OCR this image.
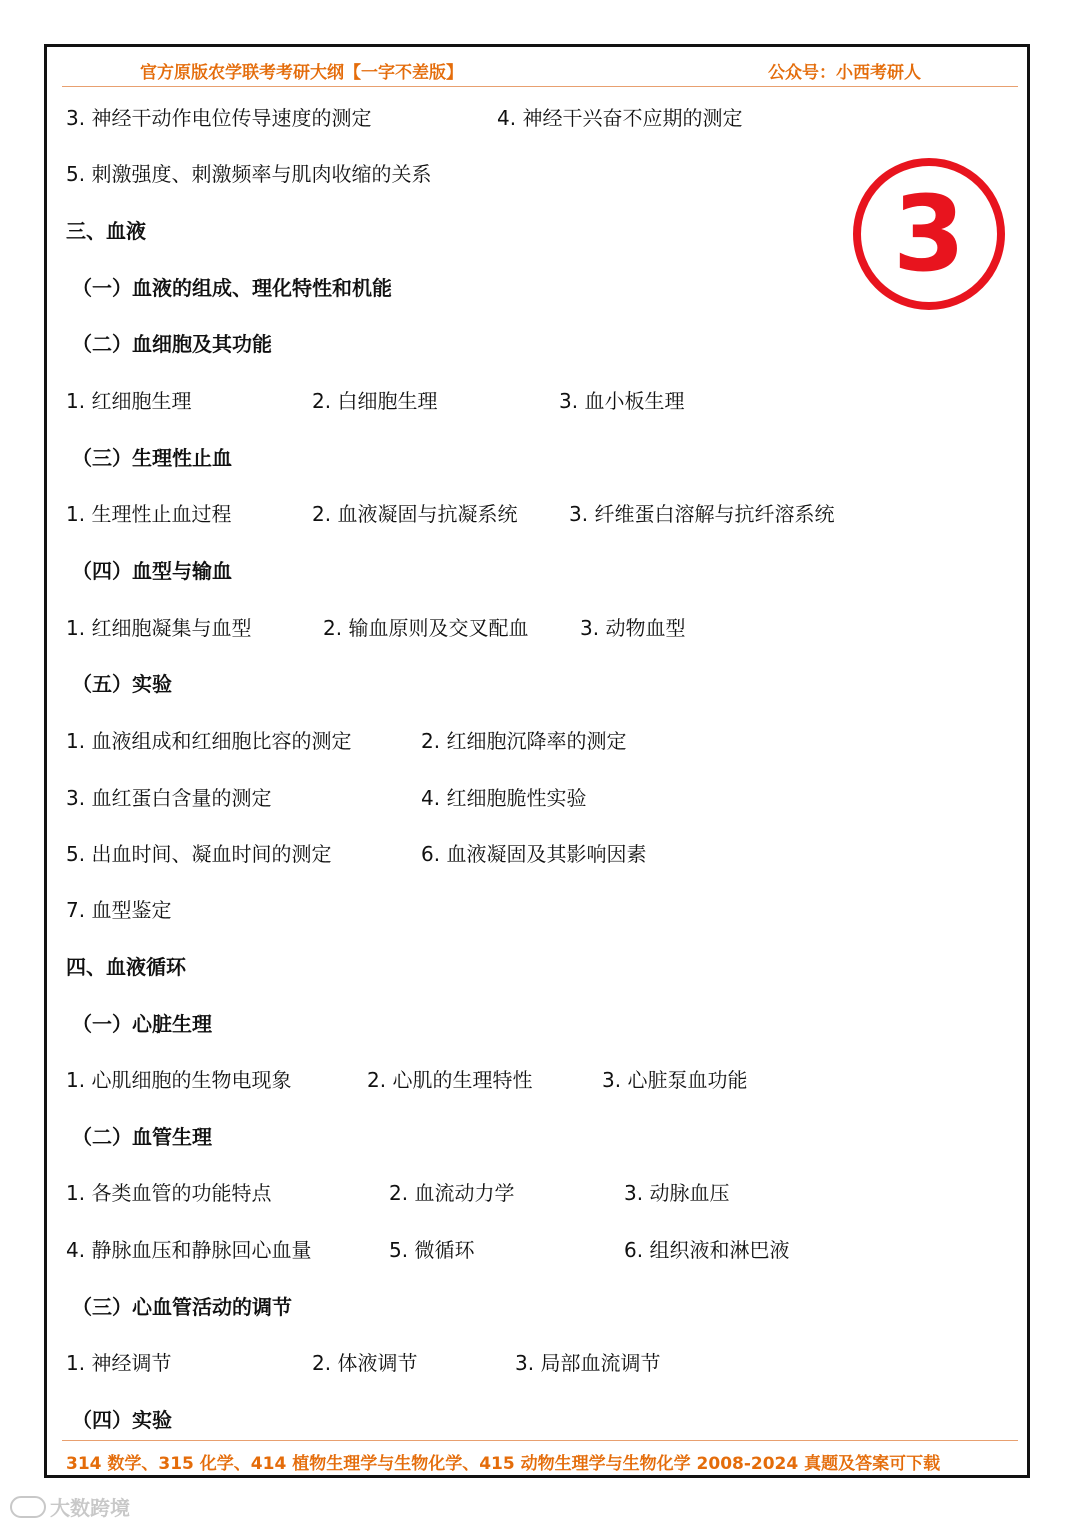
官方原版农学联考考研大纲【一字不差版】	公众号：小西考研人
3
3. 神经干动作电位传导速度的测定	4. 神经干兴奋不应期的测定
5. 刺激强度、刺激频率与肌肉收缩的关系
三、血液
（一）血液的组成、理化特性和机能
（二）血细胞及其功能
1. 红细胞生理	2. 白细胞生理	3. 血小板生理
（三）生理性止血
1. 生理性止血过程	2. 血液凝固与抗凝系统	3. 纤维蛋白溶解与抗纤溶系统
（四）血型与输血
1. 红细胞凝集与血型	2. 输血原则及交叉配血	3. 动物血型
（五）实验
1. 血液组成和红细胞比容的测定	2. 红细胞沉降率的测定
3. 血红蛋白含量的测定	4. 红细胞脆性实验
5. 出血时间、凝血时间的测定	6. 血液凝固及其影响因素
7. 血型鉴定
四、血液循环
（一）心脏生理
1. 心肌细胞的生物电现象	2. 心肌的生理特性	3. 心脏泵血功能
（二）血管生理
1. 各类血管的功能特点	2. 血流动力学	3. 动脉血压
4. 静脉血压和静脉回心血量	5. 微循环	6. 组织液和淋巴液
（三）心血管活动的调节
1. 神经调节	2. 体液调节	3. 局部血流调节
（四）实验
314 数学、315 化学、414 植物生理学与生物化学、415 动物生理学与生物化学 2008-2024 真题及答案可下载
大数跨境
